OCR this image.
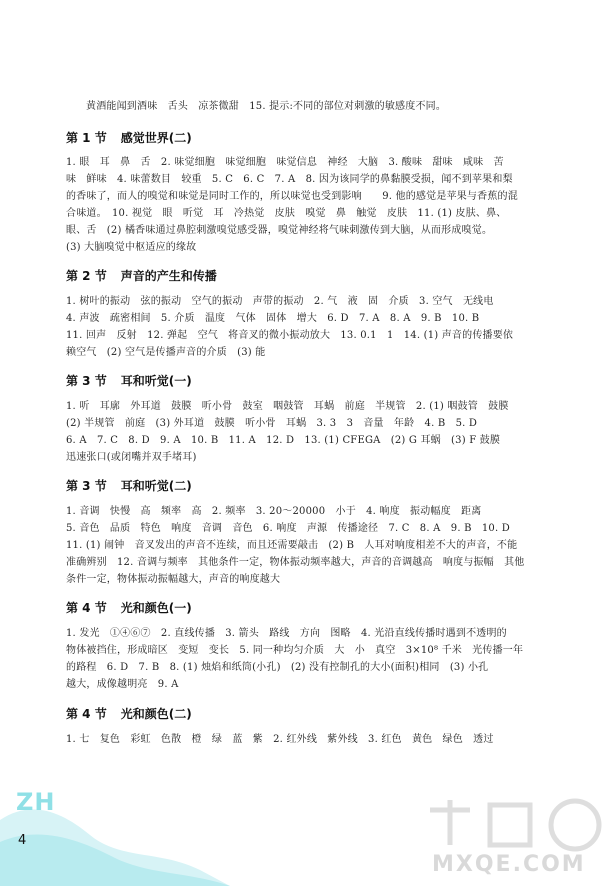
黄酒能闻到酒味　舌头　凉茶微甜　15. 提示:不同的部位对刺激的敏感度不同。
第 1 节 感觉世界(二)
1. 眼　耳　鼻　舌　2. 味觉细胞　味觉细胞　味觉信息　神经　大脑　3. 酸味　甜味　咸味　苦
味　鲜味　4. 味蕾数目　较重　5. C　6. C　7. A　8. 因为该同学的鼻黏膜受损，闻不到苹果和梨
的香味了，而人的嗅觉和味觉是同时工作的，所以味觉也受到影响　　9. 他的感觉是苹果与香蕉的混
合味道。　10. 视觉　眼　听觉　耳　冷热觉　皮肤　嗅觉　鼻　触觉　皮肤　11. (1) 皮肤、鼻、
眼、舌　(2) 橘香味通过鼻腔刺激嗅觉感受器，嗅觉神经将气味刺激传到大脑，从而形成嗅觉。
(3) 大脑嗅觉中枢适应的缘故
第 2 节 声音的产生和传播
1. 树叶的振动　弦的振动　空气的振动　声带的振动　2. 气　液　固　介质　3. 空气　无线电
4. 声波　疏密相间　5. 介质　温度　气体　固体　增大　6. D　7. A　8. A　9. B　10. B
11. 回声　反射　12. 弹起　空气　将音叉的微小振动放大　13. 0.1　1　14. (1) 声音的传播要依
赖空气　(2) 空气是传播声音的介质　(3) 能
第 3 节 耳和听觉(一)
1. 听　耳廓　外耳道　鼓膜　听小骨　鼓室　咽鼓管　耳蜗　前庭　半规管　2. (1) 咽鼓管　鼓膜
(2) 半规管　前庭　(3) 外耳道　鼓膜　听小骨　耳蜗　3. 3　3　音量　年龄　4. B　5. D
6. A　7. C　8. D　9. A　10. B　11. A　12. D　13. (1) CFEGA　(2) G 耳蜗　(3) F 鼓膜
迅速张口(或闭嘴并双手堵耳)
第 3 节 耳和听觉(二)
1. 音调　快慢　高　频率　高　2. 频率　3. 20～20000　小于　4. 响度　振动幅度　距离
5. 音色　品质　特色　响度　音调　音色　6. 响度　声源　传播途径　7. C　8. A　9. B　10. D
11. (1) 闹钟　音叉发出的声音不连续，而且还需要敲击　(2) B　人耳对响度相差不大的声音，不能
准确辨别　12. 音调与频率　其他条件一定，物体振动频率越大，声音的音调越高　响度与振幅　其他
条件一定，物体振动振幅越大，声音的响度越大
第 4 节 光和颜色(一)
1. 发光　①④⑥⑦　2. 直线传播　3. 箭头　路线　方向　图略　4. 光沿直线传播时遇到不透明的
物体被挡住，形成暗区　变短　变长　5. 同一种均匀介质　大　小　真空　3×10⁸ 千米　光传播一年
的路程　6. D　7. B　8. (1) 烛焰和纸筒(小孔)　(2) 没有控制孔的大小(面积)相同　(3) 小孔
越大，成像越明亮　9. A
第 4 节 光和颜色(二)
1. 七　复色　彩虹　色散　橙　绿　蓝　紫　2. 红外线　紫外线　3. 红色　黄色　绿色　透过
ZH
4
MXQE.COM
